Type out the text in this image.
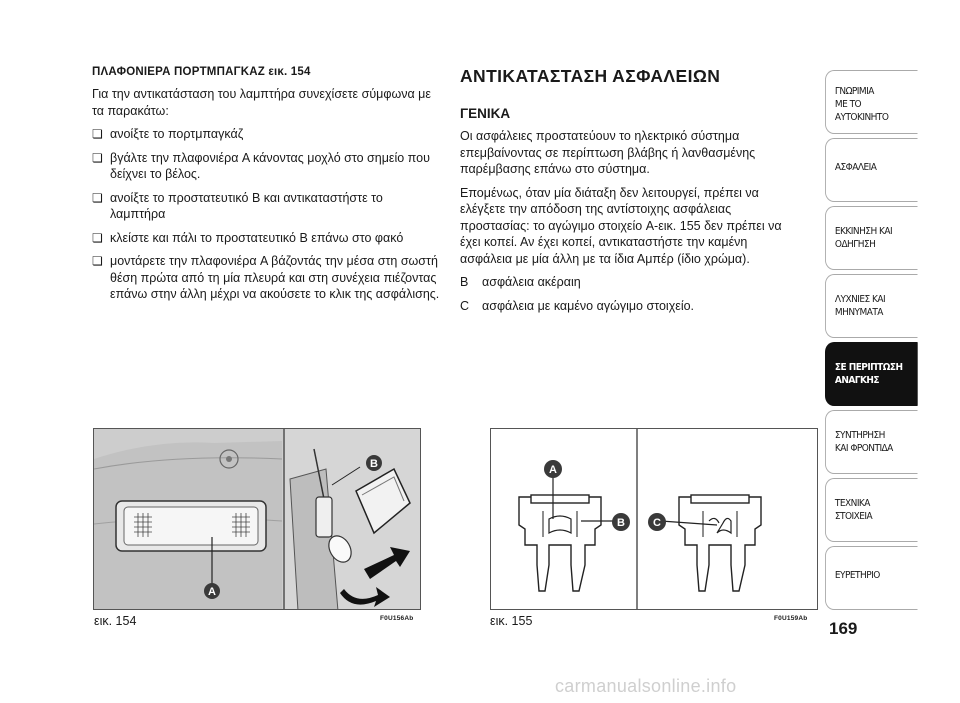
ΠΛΑΦΟΝΙΕΡΑ ΠΟΡΤΜΠΑΓΚΑΖ εικ. 154
Για την αντικατάσταση του λαμπτήρα συνεχίσετε σύμφωνα με τα παρακάτω:
❏
ανοίξτε το πορτμπαγκάζ
❏
βγάλτε την πλαφονιέρα A κάνοντας μοχλό στο σημείο που δείχνει το βέλος.
❏
ανοίξτε το προστατευτικό B και αντικαταστήστε το λαμπτήρα
❏
κλείστε και πάλι το προστατευτικό B επάνω στο φακό
❏
μοντάρετε την πλαφονιέρα A βάζοντάς την μέσα στη σωστή θέση πρώτα από τη μία πλευρά και στη συνέχεια πιέζοντας επάνω στην άλλη μέχρι να ακούσετε το κλικ της ασφάλισης.
ΑΝΤΙΚΑΤΑΣΤΑΣΗ ΑΣΦΑΛΕΙΩΝ
ΓΕΝΙΚΑ
Οι ασφάλειες προστατεύουν το ηλεκτρικό σύστημα επεμβαίνοντας σε περίπτωση βλάβης ή λανθασμένης παρέμβασης επάνω στο σύστημα.
Επομένως, όταν μία διάταξη δεν λειτουργεί, πρέπει να ελέγξετε την απόδοση της αντίστοιχης ασφάλειας προστασίας: το αγώγιμο στοιχείο A-εικ. 155 δεν πρέπει να έχει κοπεί. Αν έχει κοπεί, αντικαταστήστε την καμένη ασφάλεια με μία άλλη με τα ίδια Αμπέρ (ίδιο χρώμα).
B	ασφάλεια ακέραιη
C	ασφάλεια με καμένο αγώγιμο στοιχείο.
A
B
εικ. 154	F0U156Ab
A
B	C
εικ. 155	F0U159Ab
ΓΝΩΡΙΜΙΑ
ΜΕ ΤΟ
ΑΥΤΟΚΙΝΗΤΟ
ΑΣΦΑΛΕΙΑ
ΕΚΚΙΝΗΣΗ ΚΑΙ
ΟΔΗΓΗΣΗ
ΛΥΧΝΙΕΣ ΚΑΙ
ΜΗΝΥΜΑΤΑ
ΣΕ ΠΕΡΙΠΤΩΣΗ
ΑΝΑΓΚΗΣ
ΣΥΝΤΗΡΗΣΗ
ΚΑΙ ΦΡΟΝΤΙΔΑ
ΤΕΧΝΙΚΑ
ΣΤΟΙΧΕΙΑ
ΕΥΡΕΤΗΡΙΟ
169
carmanualsonline.info
